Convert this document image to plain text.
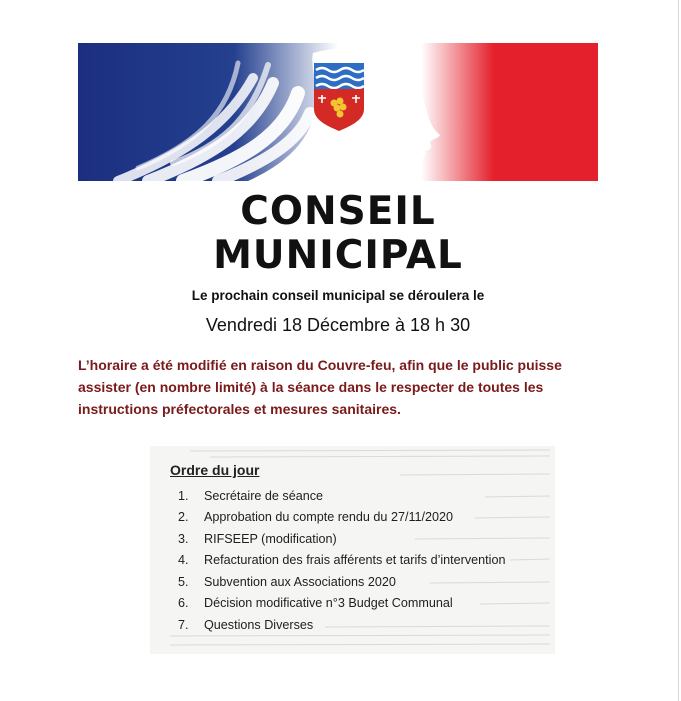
CONSEIL
MUNICIPAL
Le prochain conseil municipal se déroulera le
Vendredi 18 Décembre à 18 h 30
L’horaire a été modifié en raison du Couvre-feu, afin que le public puisse
assister (en nombre limité) à la séance dans le respecter de toutes les
instructions préfectorales et mesures sanitaires.
Ordre du jour
1.	Secrétaire de séance
2.	Approbation du compte rendu du 27/11/2020
3.	RIFSEEP (modification)
4.	Refacturation des frais afférents et tarifs d’intervention
5.	Subvention aux Associations 2020
6.	Décision modificative n°3 Budget Communal
7.	Questions Diverses
